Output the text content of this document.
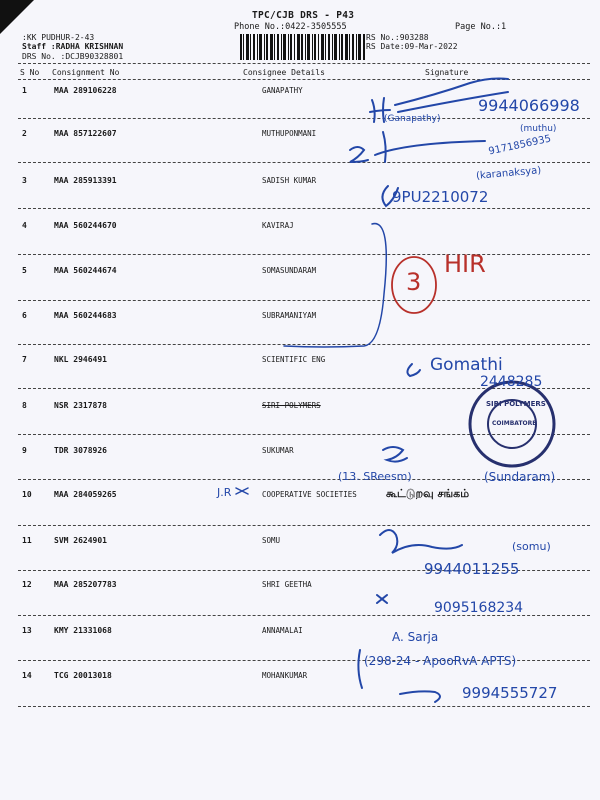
TPC/CJB DRS - P43
Phone No.:0422-3505555	Page No.:1
:KK PUDHUR-2-43
Staff :RADHA KRISHNAN
DRS No. :DCJB90328801
RS No.:903288
RS Date:09-Mar-2022
S No Consignment No	Consignee Details	Signature
1	MAA 289106228	GANAPATHY
2	MAA 857122607	MUTHUPONMANI
3	MAA 285913391	SADISH KUMAR
4	MAA 560244670	KAVIRAJ
5	MAA 560244674	SOMASUNDARAM
6	MAA 560244683	SUBRAMANIYAM
7	NKL 2946491	SCIENTIFIC ENG
8	NSR 2317878	SIRI POLYMERS
9	TDR 3078926	SUKUMAR
10	MAA 284059265	COOPERATIVE SOCIETIES
11	SVM 2624901	SOMU
12	MAA 285207783	SHRI GEETHA
13	KMY 21331068	ANNAMALAI
14	TCG 20013018	MOHANKUMAR
9944066998
(Ganapathy)
(muthu)
9171856935
(karanaksya)
9PU2210072
3
HIR
Gomathi
2448285
J.R
(13. SReesm)	(Sundaram)
கூட்டுறவு சங்கம்
(somu)
9944011255
9095168234
A. Sarja
(298-24 - ApooRvA APTS)
9994555727
SIRI POLYMERS
COIMBATORE
